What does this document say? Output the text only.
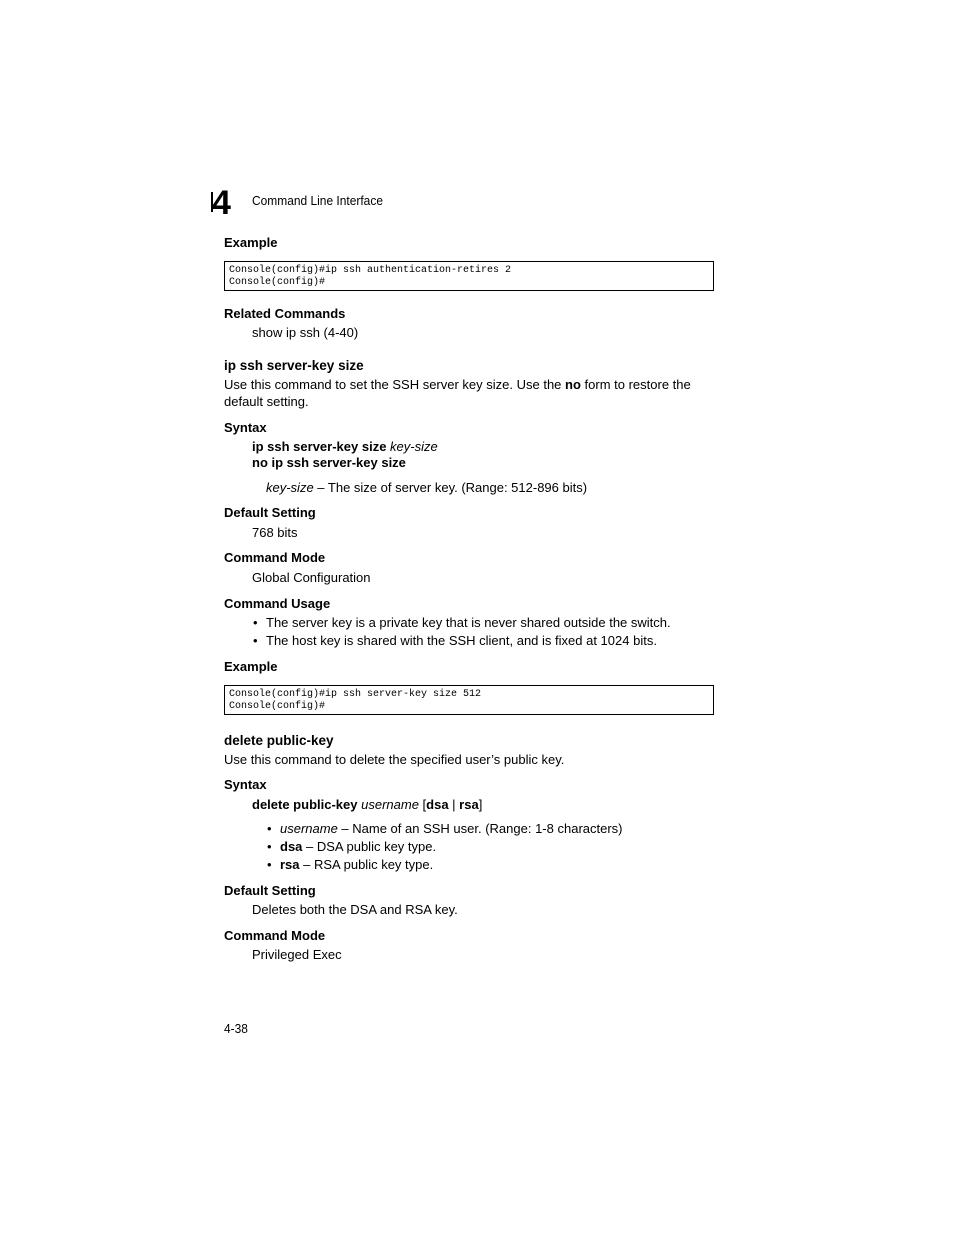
4 Command Line Interface
Example
Console(config)#ip ssh authentication-retires 2
Console(config)#
Related Commands
show ip ssh (4-40)
ip ssh server-key size
Use this command to set the SSH server key size. Use the no form to restore the
default setting.
Syntax
ip ssh server-key size key-size
no ip ssh server-key size
key-size – The size of server key. (Range: 512-896 bits)
Default Setting
768 bits
Command Mode
Global Configuration
Command Usage
• The server key is a private key that is never shared outside the switch.
• The host key is shared with the SSH client, and is fixed at 1024 bits.
Example
Console(config)#ip ssh server-key size 512
Console(config)#
delete public-key
Use this command to delete the specified user’s public key.
Syntax
delete public-key username [dsa | rsa]
• username – Name of an SSH user. (Range: 1-8 characters)
• dsa – DSA public key type.
• rsa – RSA public key type.
Default Setting
Deletes both the DSA and RSA key.
Command Mode
Privileged Exec
4-38
